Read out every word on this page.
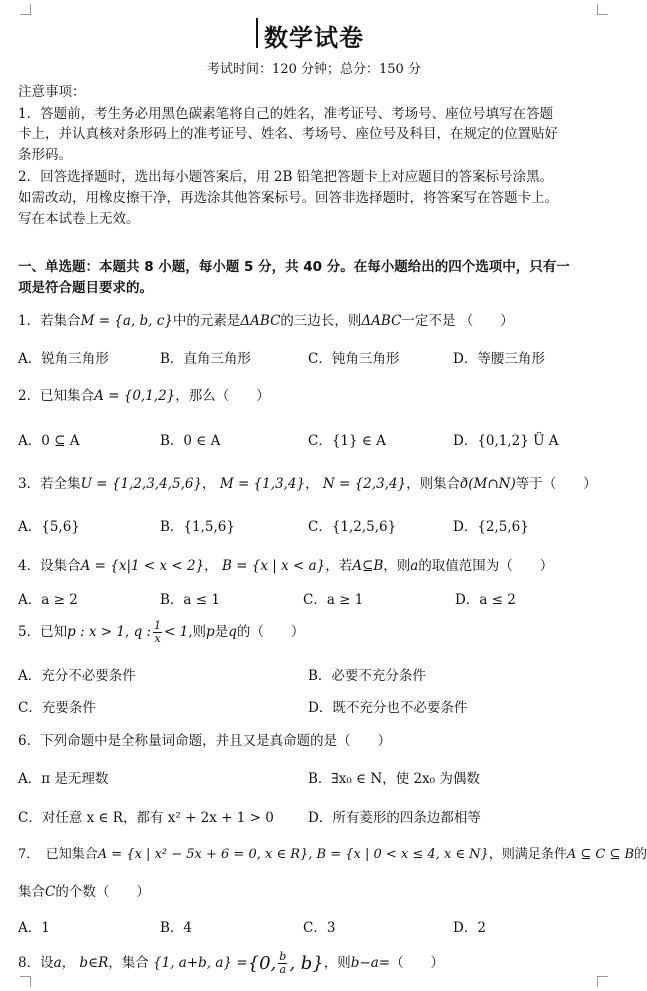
数学试卷
考试时间：120 分钟；总分：150 分
注意事项：
1．答题前，考生务必用黑色碳素笔将自己的姓名，准考证号、考场号、座位号填写在答题
卡上，并认真核对条形码上的准考证号、姓名、考场号、座位号及科目，在规定的位置贴好
条形码。
2．回答选择题时，选出每小题答案后，用 2B 铅笔把答题卡上对应题目的答案标号涂黑。
如需改动，用橡皮擦干净，再选涂其他答案标号。回答非选择题时，将答案写在答题卡上。
写在本试卷上无效。
一、单选题：本题共 8 小题，每小题 5 分，共 40 分。在每小题给出的四个选项中，只有一
项是符合题目要求的。
1．若集合M = {a, b, c}中的元素是ΔABC的三边长，则ΔABC一定不是 （　　）
A．锐角三角形	B．直角三角形	C．钝角三角形	D．等腰三角形
2．已知集合A = {0,1,2}，那么（　　）
A．0 ⊆ A	B．0 ∈ A	C．{1} ∈ A	D．{0,1,2} Ü A
3．若全集U = {1,2,3,4,5,6}， M = {1,3,4}， N = {2,3,4}，则集合ð(M∩N)等于（　　）
A．{5,6}	B．{1,5,6}	C．{1,2,5,6}	D．{2,5,6}
4．设集合A = {x|1 < x < 2}， B = {x | x < a}，若A⊆B，则a的取值范围为（　　）
A．a ≥ 2	B．a ≤ 1	C．a ≥ 1	D．a ≤ 2
5．已知p : x > 1, q : $\frac{1}{x} < 1$,则p是q的（　　）
A．充分不必要条件	B．必要不充分条件
C．充要条件	D．既不充分也不必要条件
6．下列命题中是全称量词命题，并且又是真命题的是（　　）
A．π 是无理数	B．∃x₀ ∈ N，使 2x₀ 为偶数
C．对任意 x ∈ R，都有 x² + 2x + 1 > 0	D．所有菱形的四条边都相等
7．　已知集合A = {x | x² − 5x + 6 = 0, x ∈ R}, B = {x | 0 < x ≤ 4, x ∈ N}，则满足条件A ⊆ C ⊆ B的
集合C的个数（　　）
A．1	B．4	C．3	D．2
8．设a， b∈R，集合 {1, a+b, a} ={0, $\frac{b}{a}$ , b}，则b−a=（　　）
